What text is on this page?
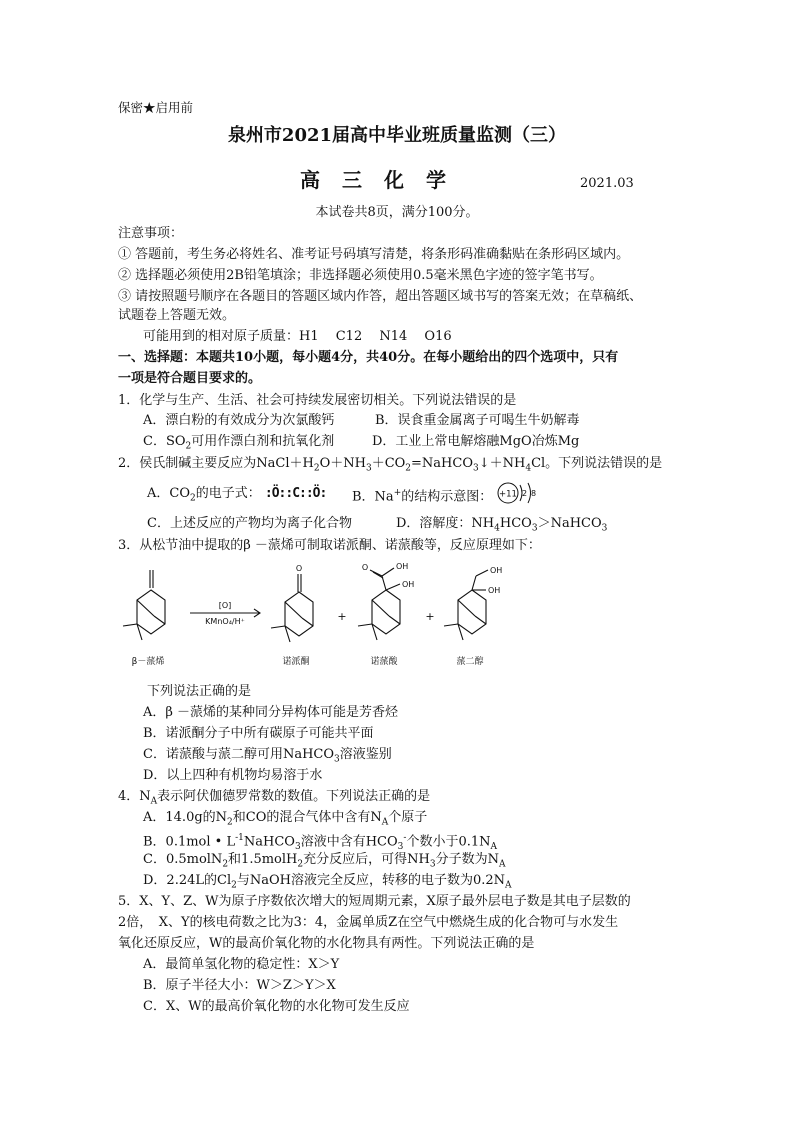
保密★启用前
泉州市2021届高中毕业班质量监测（三）
高三化学	2021.03
本试卷共8页，满分100分。
注意事项：
① 答题前，考生务必将姓名、准考证号码填写清楚，将条形码准确黏贴在条形码区域内。
② 选择题必须使用2B铅笔填涂；非选择题必须使用0.5毫米黑色字迹的签字笔书写。
③ 请按照题号顺序在各题目的答题区域内作答，超出答题区域书写的答案无效；在草稿纸、
试题卷上答题无效。
可能用到的相对原子质量：H1　 C12　 N14　 O16
一、选择题：本题共10小题，每小题4分，共40分。在每小题给出的四个选项中，只有
一项是符合题目要求的。
1．化学与生产、生活、社会可持续发展密切相关。下列说法错误的是
A．漂白粉的有效成分为次氯酸钙	B．误食重金属离子可喝生牛奶解毒
C．$SO_2$可用作漂白剂和抗氧化剂	D．工业上常电解熔融MgO冶炼Mg
2．侯氏制碱主要反应为$NaCl+H_2O+NH_3+CO_2=NaHCO_3↓+NH_4Cl$。下列说法错误的是
A．$CO_2$的电子式： :Ö::C::Ö: B．Na+的结构示意图： +11 2 8
C．上述反应的产物均为离子化合物	D．溶解度：$NH_4HCO_3>NaHCO_3$
3．从松节油中提取的β －蒎烯可制取诺派酮、诺蒎酸等，反应原理如下：
[O]
KMnO₄/H⁺
O	O	OH
OH
OH
OH
+	+
β－蒎烯	诺派酮	诺蒎酸	蒎二醇
下列说法正确的是
A．β －蒎烯的某种同分异构体可能是芳香烃
B．诺派酮分子中所有碳原子可能共平面
C．诺蒎酸与蒎二醇可用NaHCO$_3$溶液鉴别
D．以上四种有机物均易溶于水
4．$N_A$表示阿伏伽德罗常数的数值。下列说法正确的是
A．14.0g的$N_2$和CO的混合气体中含有$N_A$个原子
B．0.1mol • $L^{-1}NaHCO_3$溶液中含有$HCO_3^-$个数小于$0.1N_A$
C．0.5molN$_2$和1.5molH$_2$充分反应后，可得$NH_3$分子数为$N_A$
D．2.24L的$Cl_2$与NaOH溶液完全反应，转移的电子数为$0.2N_A$
5．X、Y、Z、W为原子序数依次增大的短周期元素，X原子最外层电子数是其电子层数的
2倍，　X、Y的核电荷数之比为3：4，金属单质Z在空气中燃烧生成的化合物可与水发生
氧化还原反应，W的最高价氧化物的水化物具有两性。下列说法正确的是
A．最简单氢化物的稳定性：X＞Y
B．原子半径大小：W＞Z＞Y＞X
C．X、W的最高价氧化物的水化物可发生反应
